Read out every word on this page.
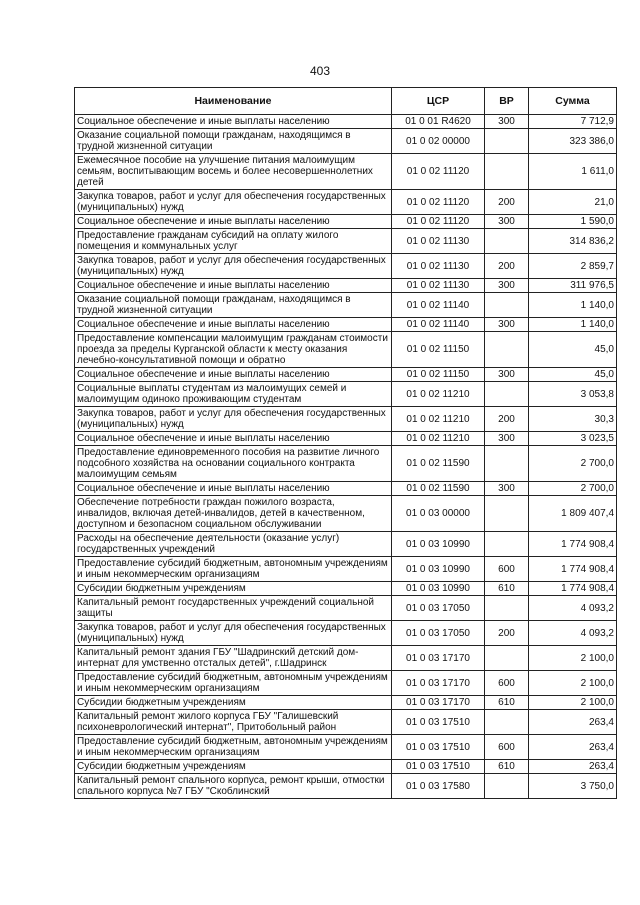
403
Наименование	ЦСР	ВР	Сумма
Социальное обеспечение и иные выплаты населению	01 0 01 R4620	300	7 712,9
Оказание социальной помощи гражданам, находящимся в трудной жизненной ситуации	01 0 02 00000		323 386,0
Ежемесячное пособие на улучшение питания малоимущим семьям, воспитывающим восемь и более несовершеннолетних детей	01 0 02 11120		1 611,0
Закупка товаров, работ и услуг для обеспечения государственных (муниципальных) нужд	01 0 02 11120	200	21,0
Социальное обеспечение и иные выплаты населению	01 0 02 11120	300	1 590,0
Предоставление гражданам субсидий на оплату жилого помещения и коммунальных услуг	01 0 02 11130		314 836,2
Закупка товаров, работ и услуг для обеспечения государственных (муниципальных) нужд	01 0 02 11130	200	2 859,7
Социальное обеспечение и иные выплаты населению	01 0 02 11130	300	311 976,5
Оказание социальной помощи гражданам, находящимся в трудной жизненной ситуации	01 0 02 11140		1 140,0
Социальное обеспечение и иные выплаты населению	01 0 02 11140	300	1 140,0
Предоставление компенсации малоимущим гражданам стоимости проезда за пределы Курганской области к месту оказания лечебно-консультативной помощи и обратно	01 0 02 11150		45,0
Социальное обеспечение и иные выплаты населению	01 0 02 11150	300	45,0
Социальные выплаты студентам из малоимущих семей и малоимущим одиноко проживающим студентам	01 0 02 11210		3 053,8
Закупка товаров, работ и услуг для обеспечения государственных (муниципальных) нужд	01 0 02 11210	200	30,3
Социальное обеспечение и иные выплаты населению	01 0 02 11210	300	3 023,5
Предоставление единовременного пособия на развитие личного подсобного хозяйства на основании социального контракта малоимущим семьям	01 0 02 11590		2 700,0
Социальное обеспечение и иные выплаты населению	01 0 02 11590	300	2 700,0
Обеспечение потребности граждан пожилого возраста, инвалидов, включая детей-инвалидов, детей в качественном, доступном и безопасном социальном обслуживании	01 0 03 00000		1 809 407,4
Расходы на обеспечение деятельности (оказание услуг) государственных учреждений	01 0 03 10990		1 774 908,4
Предоставление субсидий бюджетным, автономным учреждениям и иным некоммерческим организациям	01 0 03 10990	600	1 774 908,4
Субсидии бюджетным учреждениям	01 0 03 10990	610	1 774 908,4
Капитальный ремонт государственных учреждений социальной защиты	01 0 03 17050		4 093,2
Закупка товаров, работ и услуг для обеспечения государственных (муниципальных) нужд	01 0 03 17050	200	4 093,2
Капитальный ремонт здания ГБУ "Шадринский детский дом-интернат для умственно отсталых детей", г.Шадринск	01 0 03 17170		2 100,0
Предоставление субсидий бюджетным, автономным учреждениям и иным некоммерческим организациям	01 0 03 17170	600	2 100,0
Субсидии бюджетным учреждениям	01 0 03 17170	610	2 100,0
Капитальный ремонт жилого корпуса ГБУ "Галишевский психоневрологический интернат", Притобольный район	01 0 03 17510		263,4
Предоставление субсидий бюджетным, автономным учреждениям и иным некоммерческим организациям	01 0 03 17510	600	263,4
Субсидии бюджетным учреждениям	01 0 03 17510	610	263,4
Капитальный ремонт спального корпуса, ремонт крыши, отмостки спального корпуса №7 ГБУ "Скоблинский	01 0 03 17580		3 750,0
